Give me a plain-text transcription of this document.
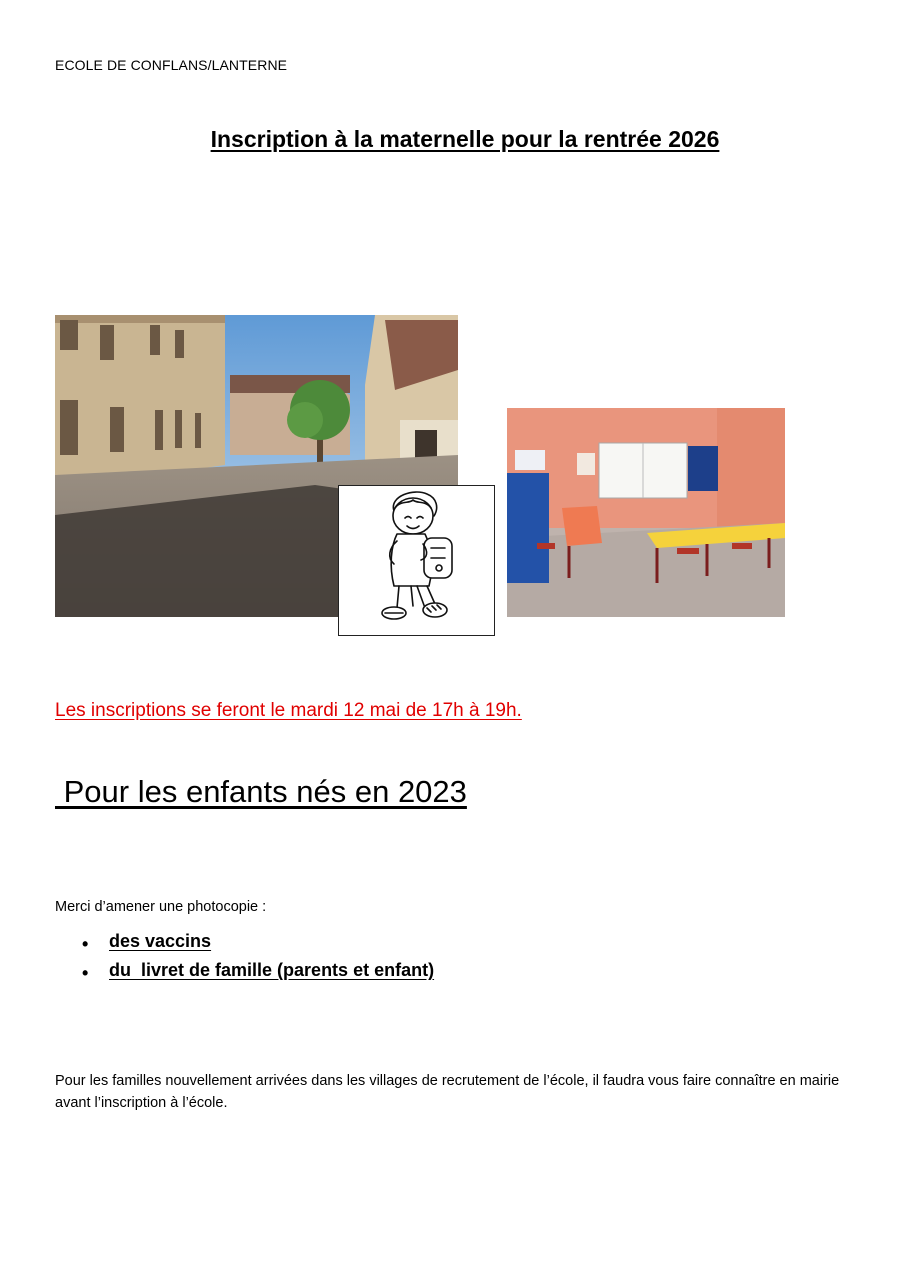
ECOLE DE CONFLANS/LANTERNE
Inscription à la maternelle pour la rentrée 2026
Les inscriptions se feront le mardi 12 mai de 17h à 19h.
Pour les enfants nés en 2023
Merci d’amener une photocopie :
• des vaccins
• du  livret de famille (parents et enfant)
Pour les familles nouvellement arrivées dans les villages de recrutement de l’école, il faudra vous faire connaître en mairie avant l’inscription à l’école.
